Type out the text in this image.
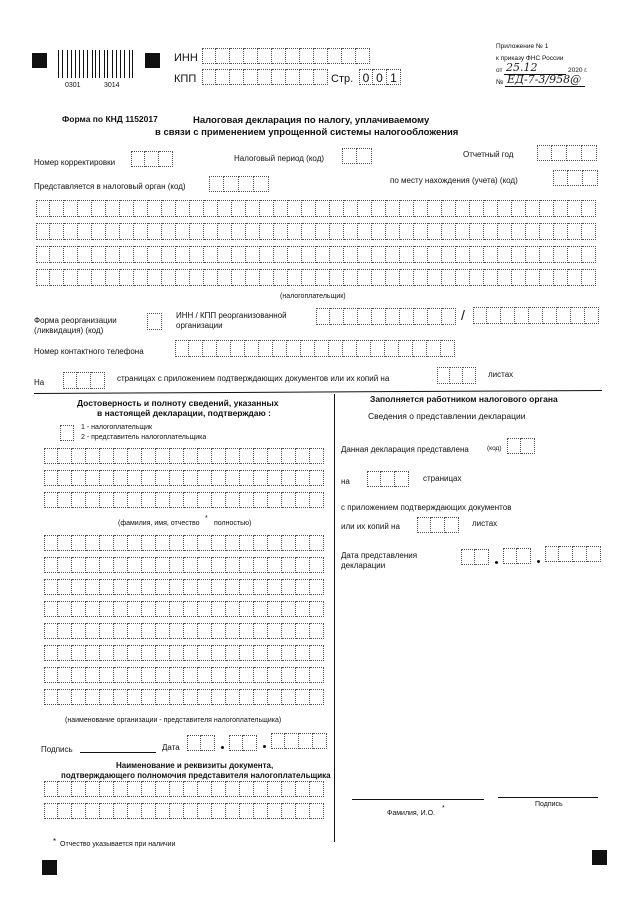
0301	3014
ИНН
КПП	Стр. 0 0 1
Приложение № 1
к приказу ФНС России
от 25.12	2020 г.
№ ЕД-7-3/958@
Форма по КНД 1152017	Налоговая декларация по налогу, уплачиваемому
в связи с применением упрощенной системы налогообложения
Номер корректировки	Налоговый период (код)	Отчетный год
Представляется в налоговый орган (код)
по месту нахождения (учета) (код)
(налогоплательщик)
Форма реорганизации
(ликвидация) (код)
ИНН / КПП реорганизованной
организации
/
Номер контактного телефона
На	страницах с приложением подтверждающих документов или их копий на	листах
Достоверность и полноту сведений, указанных
в настоящей декларации, подтверждаю :
1 - налогоплательщик
2 - представитель налогоплательщика
(фамилия, имя, отчество
*
полностью)
(наименование организации - представителя налогоплательщика)
Подпись	Дата
Наименование и реквизиты документа,
подтверждающего полномочия представителя налогоплательщика
Заполняется работником налогового органа
Сведения о представлении декларации
Данная декларация представлена	(код)
на	страницах
с приложением подтверждающих документов
или их копий на	листах
Дата представления
декларации
Фамилия, И.О.
*
Подпись
* Отчество указывается при наличии
